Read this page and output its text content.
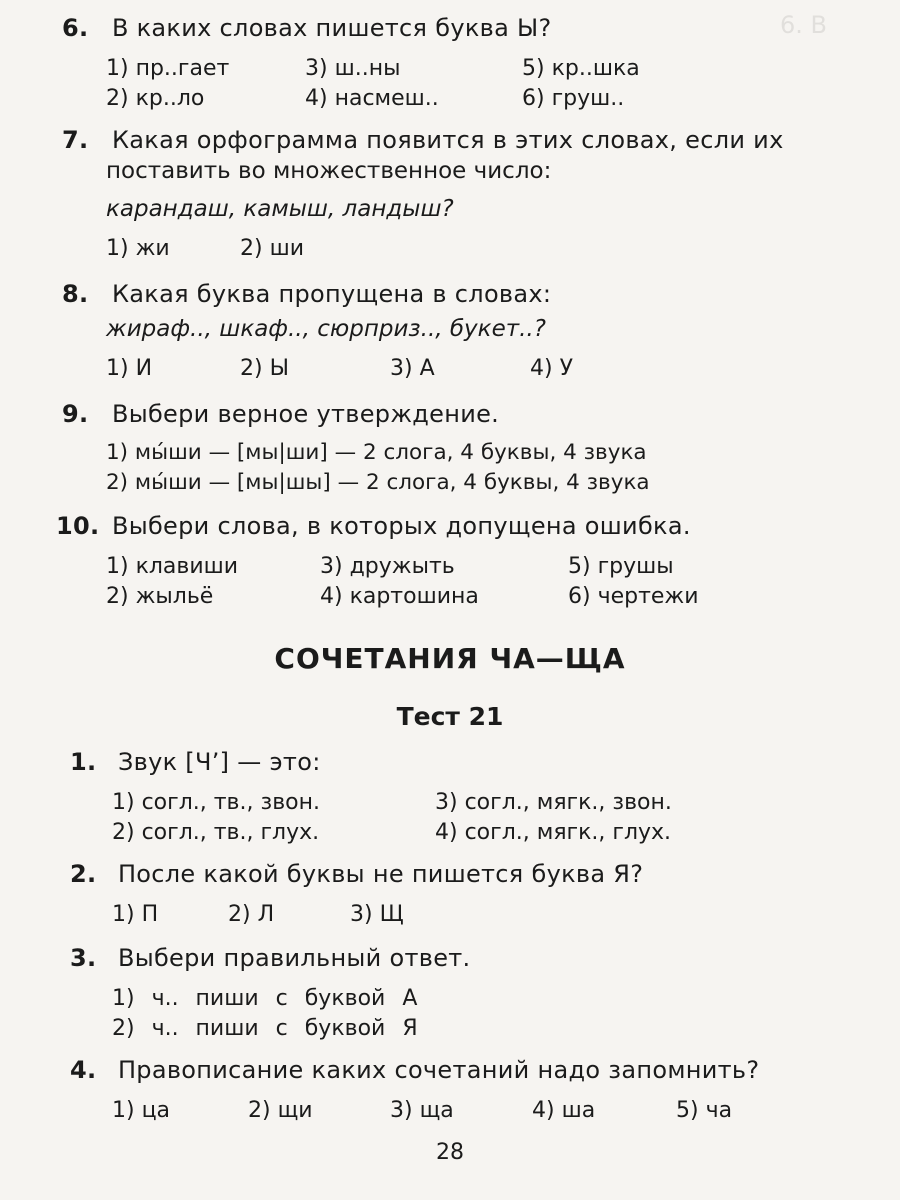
6. В
6. В каких словах пишется буква Ы?
1) пр..гает	3) ш..ны	5) кр..шка
2) кр..ло	4) насмеш..	6) груш..
7. Какая орфограмма появится в этих словах, если их
поставить во множественное число:
карандаш, камыш, ландыш?
1) жи	2) ши
8. Какая буква пропущена в словах:
жираф.., шкаф.., сюрприз.., букет..?
1) И	2) Ы	3) А	4) У
9. Выбери верное утверждение.
1) мы́ши — [мы|ши] — 2 слога, 4 буквы, 4 звука
2) мы́ши — [мы|шы] — 2 слога, 4 буквы, 4 звука
10. Выбери слова, в которых допущена ошибка.
1) клавиши	3) дружыть	5) грушы
2) жыльё	4) картошина	6) чертежи
СОЧЕТАНИЯ ЧА—ЩА
Тест 21
1. Звук [Ч’] — это:
1) согл., тв., звон.	3) согл., мягк., звон.
2) согл., тв., глух.	4) согл., мягк., глух.
2. После какой буквы не пишется буква Я?
1) П	2) Л	3) Щ
3. Выбери правильный ответ.
1) ч.. пиши с буквой А
2) ч.. пиши с буквой Я
4. Правописание каких сочетаний надо запомнить?
1) ца	2) щи	3) ща	4) ша	5) ча
28
